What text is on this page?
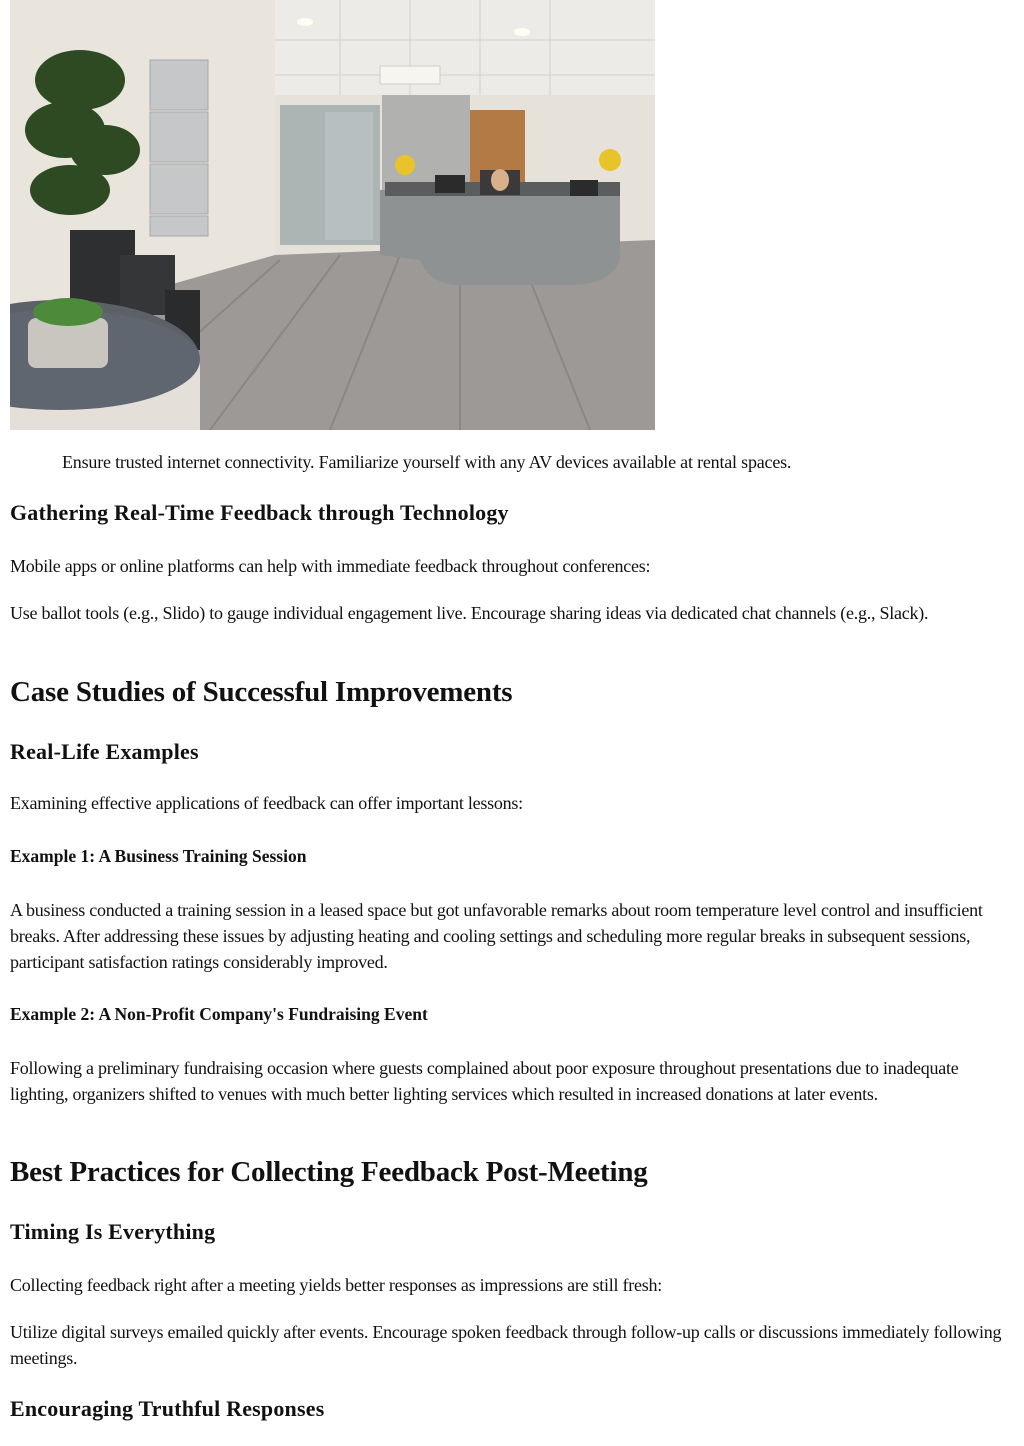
Ensure trusted internet connectivity. Familiarize yourself with any AV devices available at rental spaces.
Gathering Real-Time Feedback through Technology

Mobile apps or online platforms can help with immediate feedback throughout conferences:

Use ballot tools (e.g., Slido) to gauge individual engagement live. Encourage sharing ideas via dedicated chat channels (e.g., Slack).

Case Studies of Successful Improvements
Real-Life Examples

Examining effective applications of feedback can offer important lessons:

Example 1: A Business Training Session

A business conducted a training session in a leased space but got unfavorable remarks about room temperature level control and insufficient breaks. After addressing these issues by adjusting heating and cooling settings and scheduling more regular breaks in subsequent sessions, participant satisfaction ratings considerably improved.

Example 2: A Non-Profit Company's Fundraising Event

Following a preliminary fundraising occasion where guests complained about poor exposure throughout presentations due to inadequate lighting, organizers shifted to venues with much better lighting services which resulted in increased donations at later events.

Best Practices for Collecting Feedback Post-Meeting
Timing Is Everything

Collecting feedback right after a meeting yields better responses as impressions are still fresh:

Utilize digital surveys emailed quickly after events. Encourage spoken feedback through follow-up calls or discussions immediately following meetings.

Encouraging Truthful Responses
